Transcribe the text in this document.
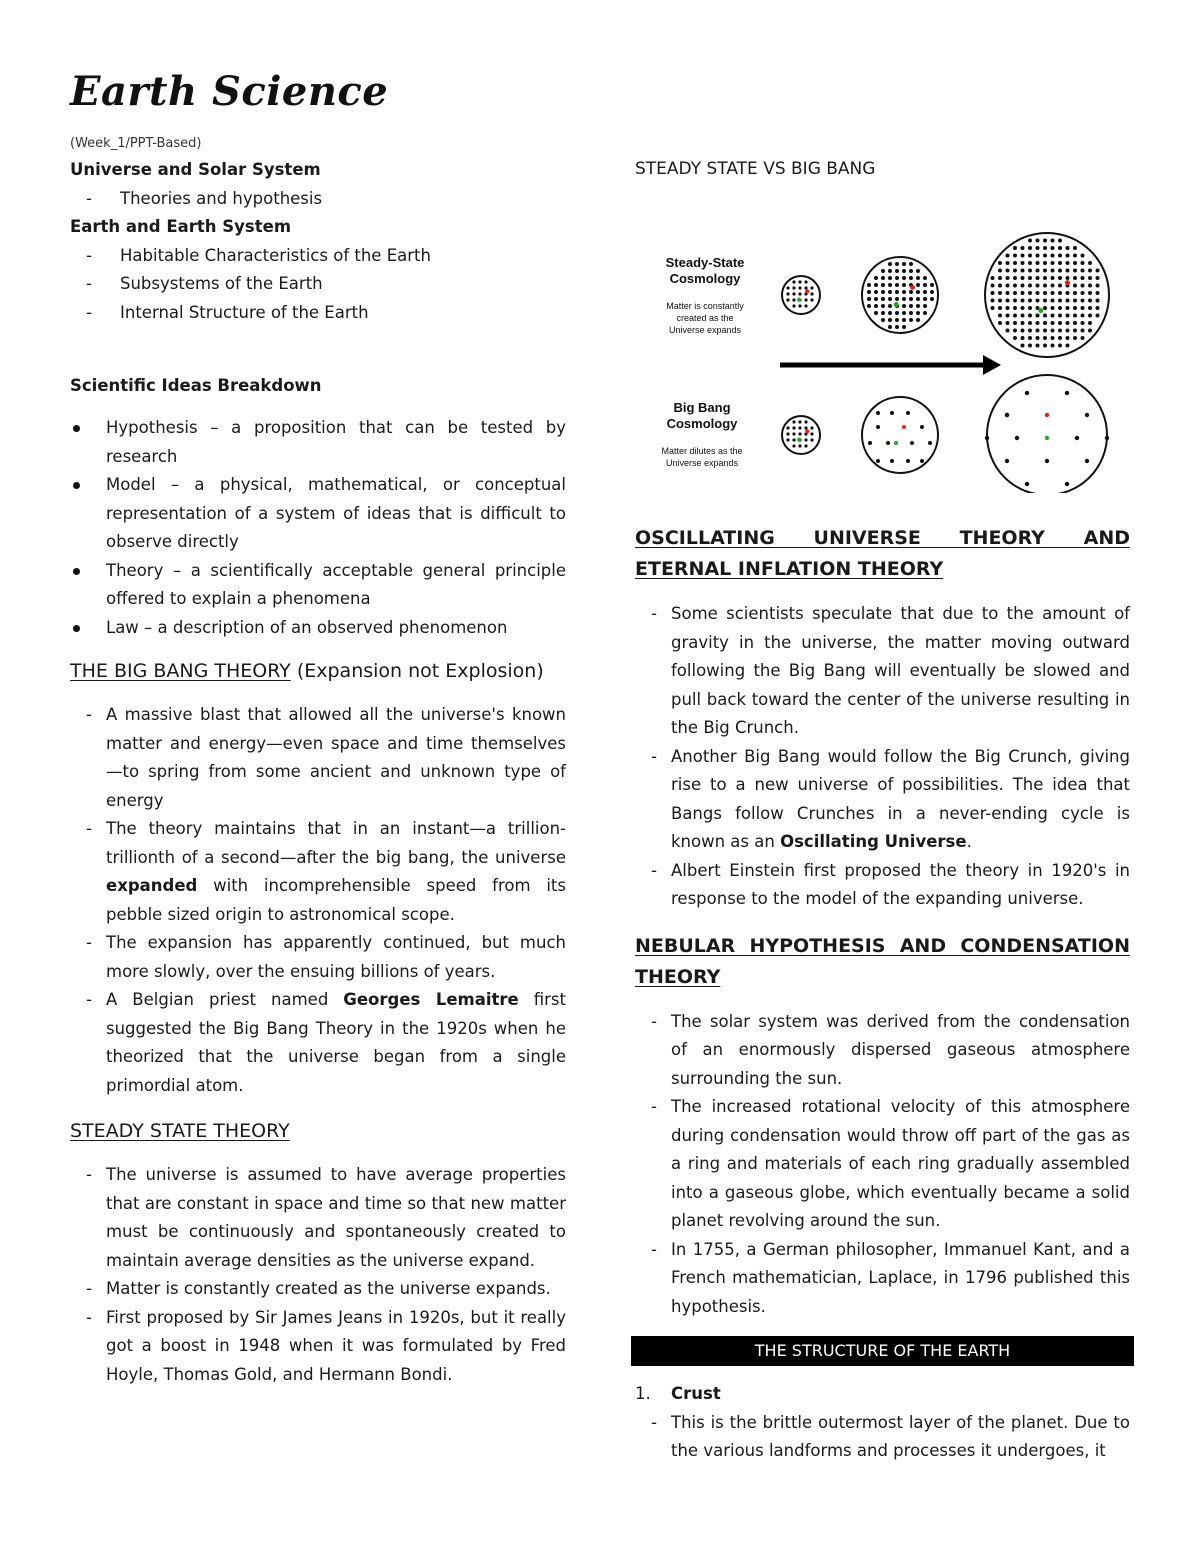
Earth Science
(Week_1/PPT-Based)

Universe and Solar System

- Theories and hypothesis

Earth and Earth System

- Habitable Characteristics of the Earth
- Subsystems of the Earth
- Internal Structure of the Earth

Scientific Ideas Breakdown

Hypothesis – a proposition that can be tested by research
Model – a physical, mathematical, or conceptual representation of a system of ideas that is difficult to observe directly
Theory – a scientifically acceptable general principle offered to explain a phenomena
Law – a description of an observed phenomenon

THE BIG BANG THEORY (Expansion not Explosion)

- A massive blast that allowed all the universe's known matter and energy—even space and time themselves—to spring from some ancient and unknown type of energy
- The theory maintains that in an instant—a trillion-trillionth of a second—after the big bang, the universe expanded with incomprehensible speed from its pebble sized origin to astronomical scope.
- The expansion has apparently continued, but much more slowly, over the ensuing billions of years.
- A Belgian priest named Georges Lemaitre first suggested the Big Bang Theory in the 1920s when he theorized that the universe began from a single primordial atom.

STEADY STATE THEORY

- The universe is assumed to have average properties that are constant in space and time so that new matter must be continuously and spontaneously created to maintain average densities as the universe expand.
- Matter is constantly created as the universe expands.
- First proposed by Sir James Jeans in 1920s, but it really got a boost in 1948 when it was formulated by Fred Hoyle, Thomas Gold, and Hermann Bondi.

STEADY STATE VS BIG BANG

Steady-State
Cosmology
Matter is constantly
created as the
Universe expands
Big Bang
Cosmology
Matter dilutes as the
Universe expands

OSCILLATING UNIVERSE THEORY AND ETERNAL INFLATION THEORY

- Some scientists speculate that due to the amount of gravity in the universe, the matter moving outward following the Big Bang will eventually be slowed and pull back toward the center of the universe resulting in the Big Crunch.
- Another Big Bang would follow the Big Crunch, giving rise to a new universe of possibilities. The idea that Bangs follow Crunches in a never-ending cycle is known as an Oscillating Universe.
- Albert Einstein first proposed the theory in 1920's in response to the model of the expanding universe.

NEBULAR HYPOTHESIS AND CONDENSATION THEORY

- The solar system was derived from the condensation of an enormously dispersed gaseous atmosphere surrounding the sun.
- The increased rotational velocity of this atmosphere during condensation would throw off part of the gas as a ring and materials of each ring gradually assembled into a gaseous globe, which eventually became a solid planet revolving around the sun.
- In 1755, a German philosopher, Immanuel Kant, and a French mathematician, Laplace, in 1796 published this hypothesis.
THE STRUCTURE OF THE EARTH
1. Crust
- This is the brittle outermost layer of the planet. Due to the various landforms and processes it undergoes, it
